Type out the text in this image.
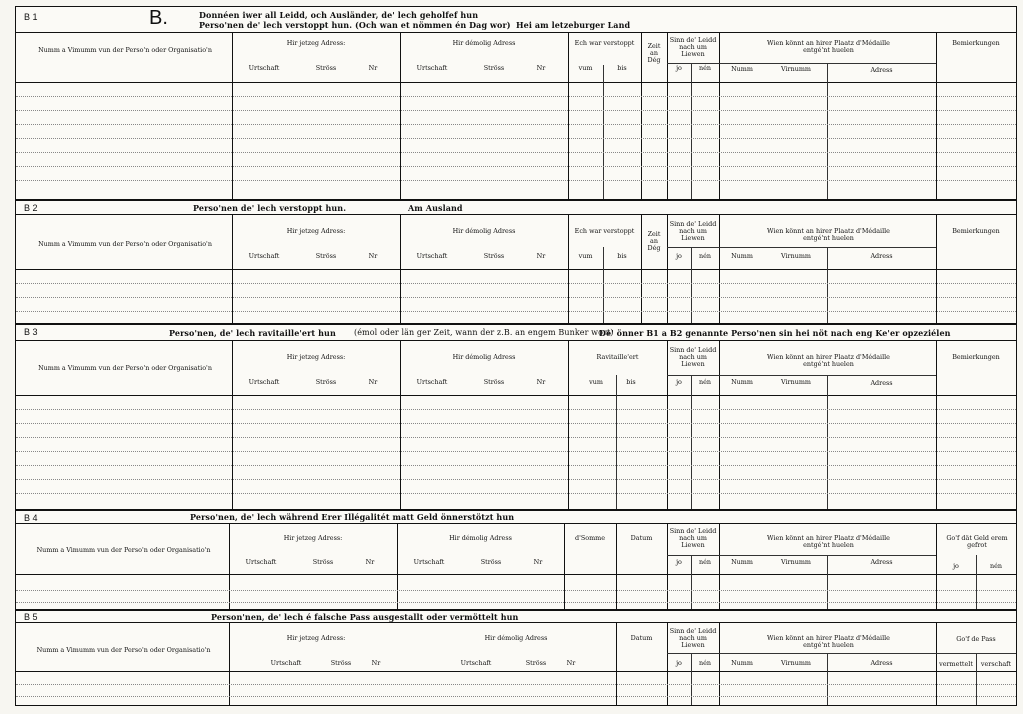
B 1	B.	Donnéen iwer all Leidd, och Ausländer, de' lech geholfef hun
Perso'nen de' lech verstoppt hun. (Och wan et nömmen én Dag wor) Hei am letzeburger Land
Numm a Vimumm vun der Perso'n oder Organisatio'n
Hir jetzeg Adress:
Urtschaft	Ströss	Nr
Hir démolig Adress
Urtschaft	Ströss	Nr
Ech war verstoppt
vum	bis
Zeit an Dég
Sinn de' Leidd nach um Liewen
jo	nén
Wien könnt an hirer Plaatz d'Médaille entgé'nt huelen
Numm	Virnumm	Adress
Bemierkungen
B 2	Perso'nen de' lech verstoppt hun.	Am Ausland
Numm a Vimumm vun der Perso'n oder Organisatio'n
Hir jetzeg Adress:
Urtschaft	Ströss	Nr
Hir démolig Adress
Urtschaft	Ströss	Nr
Ech war verstoppt
vum	bis
Zeit an Dég
Sinn de' Leidd nach um Liewen
jo	nén
Wien könnt an hirer Plaatz d'Médaille entgé'nt huelen
Numm	Virnumm	Adress
Bemierkungen
B 3	Perso'nen, de' lech ravitaille'ert hun (émol oder län ger Zeit, wann der z.B. an engem Bunker wort)
De' önner B1 a B2 genannte Perso'nen sin hei nöt nach eng Ke'er opzeziélen
Numm a Vimumm vun der Perso'n oder Organisatio'n
Hir jetzeg Adress:
Urtschaft	Ströss	Nr
Hir démolig Adress
Urtschaft	Ströss	Nr
Ravitaille'ert
vum	bis
Sinn de' Leidd nach um Liewen
jo	nén
Wien könnt an hirer Plaatz d'Médaille entgé'nt huelen
Numm	Virnumm	Adress
Bemierkungen
B 4	Perso'nen, de' lech während Erer Illégalitét matt Geld önnerstötzt hun
Numm a Vimumm vun der Perso'n oder Organisatio'n
Hir jetzeg Adress:
Urtschaft	Ströss	Nr
Hir démolig Adress
Urtschaft	Ströss	Nr
d'Somme	Datum
Sinn de' Leidd nach um Liewen
jo	nén
Wien könnt an hirer Plaatz d'Médaille entgé'nt huelen
Numm	Virnumm	Adress
Go'f dät Geld erem gefrot
jo	nén
B 5	Person'nen, de' lech é falsche Pass ausgestallt oder vermöttelt hun
Numm a Vimumm vun der Perso'n oder Organisatio'n
Hir jetzeg Adress:
Urtschaft	Ströss	Nr
Hir démolig Adress
Urtschaft	Ströss	Nr
Datum
Sinn de' Leidd nach um Liewen
jo	nén
Wien könnt an hirer Plaatz d'Médaille entgé'nt huelen
Numm	Virnumm	Adress
Go'f de Pass
vermettelt	verschaft
